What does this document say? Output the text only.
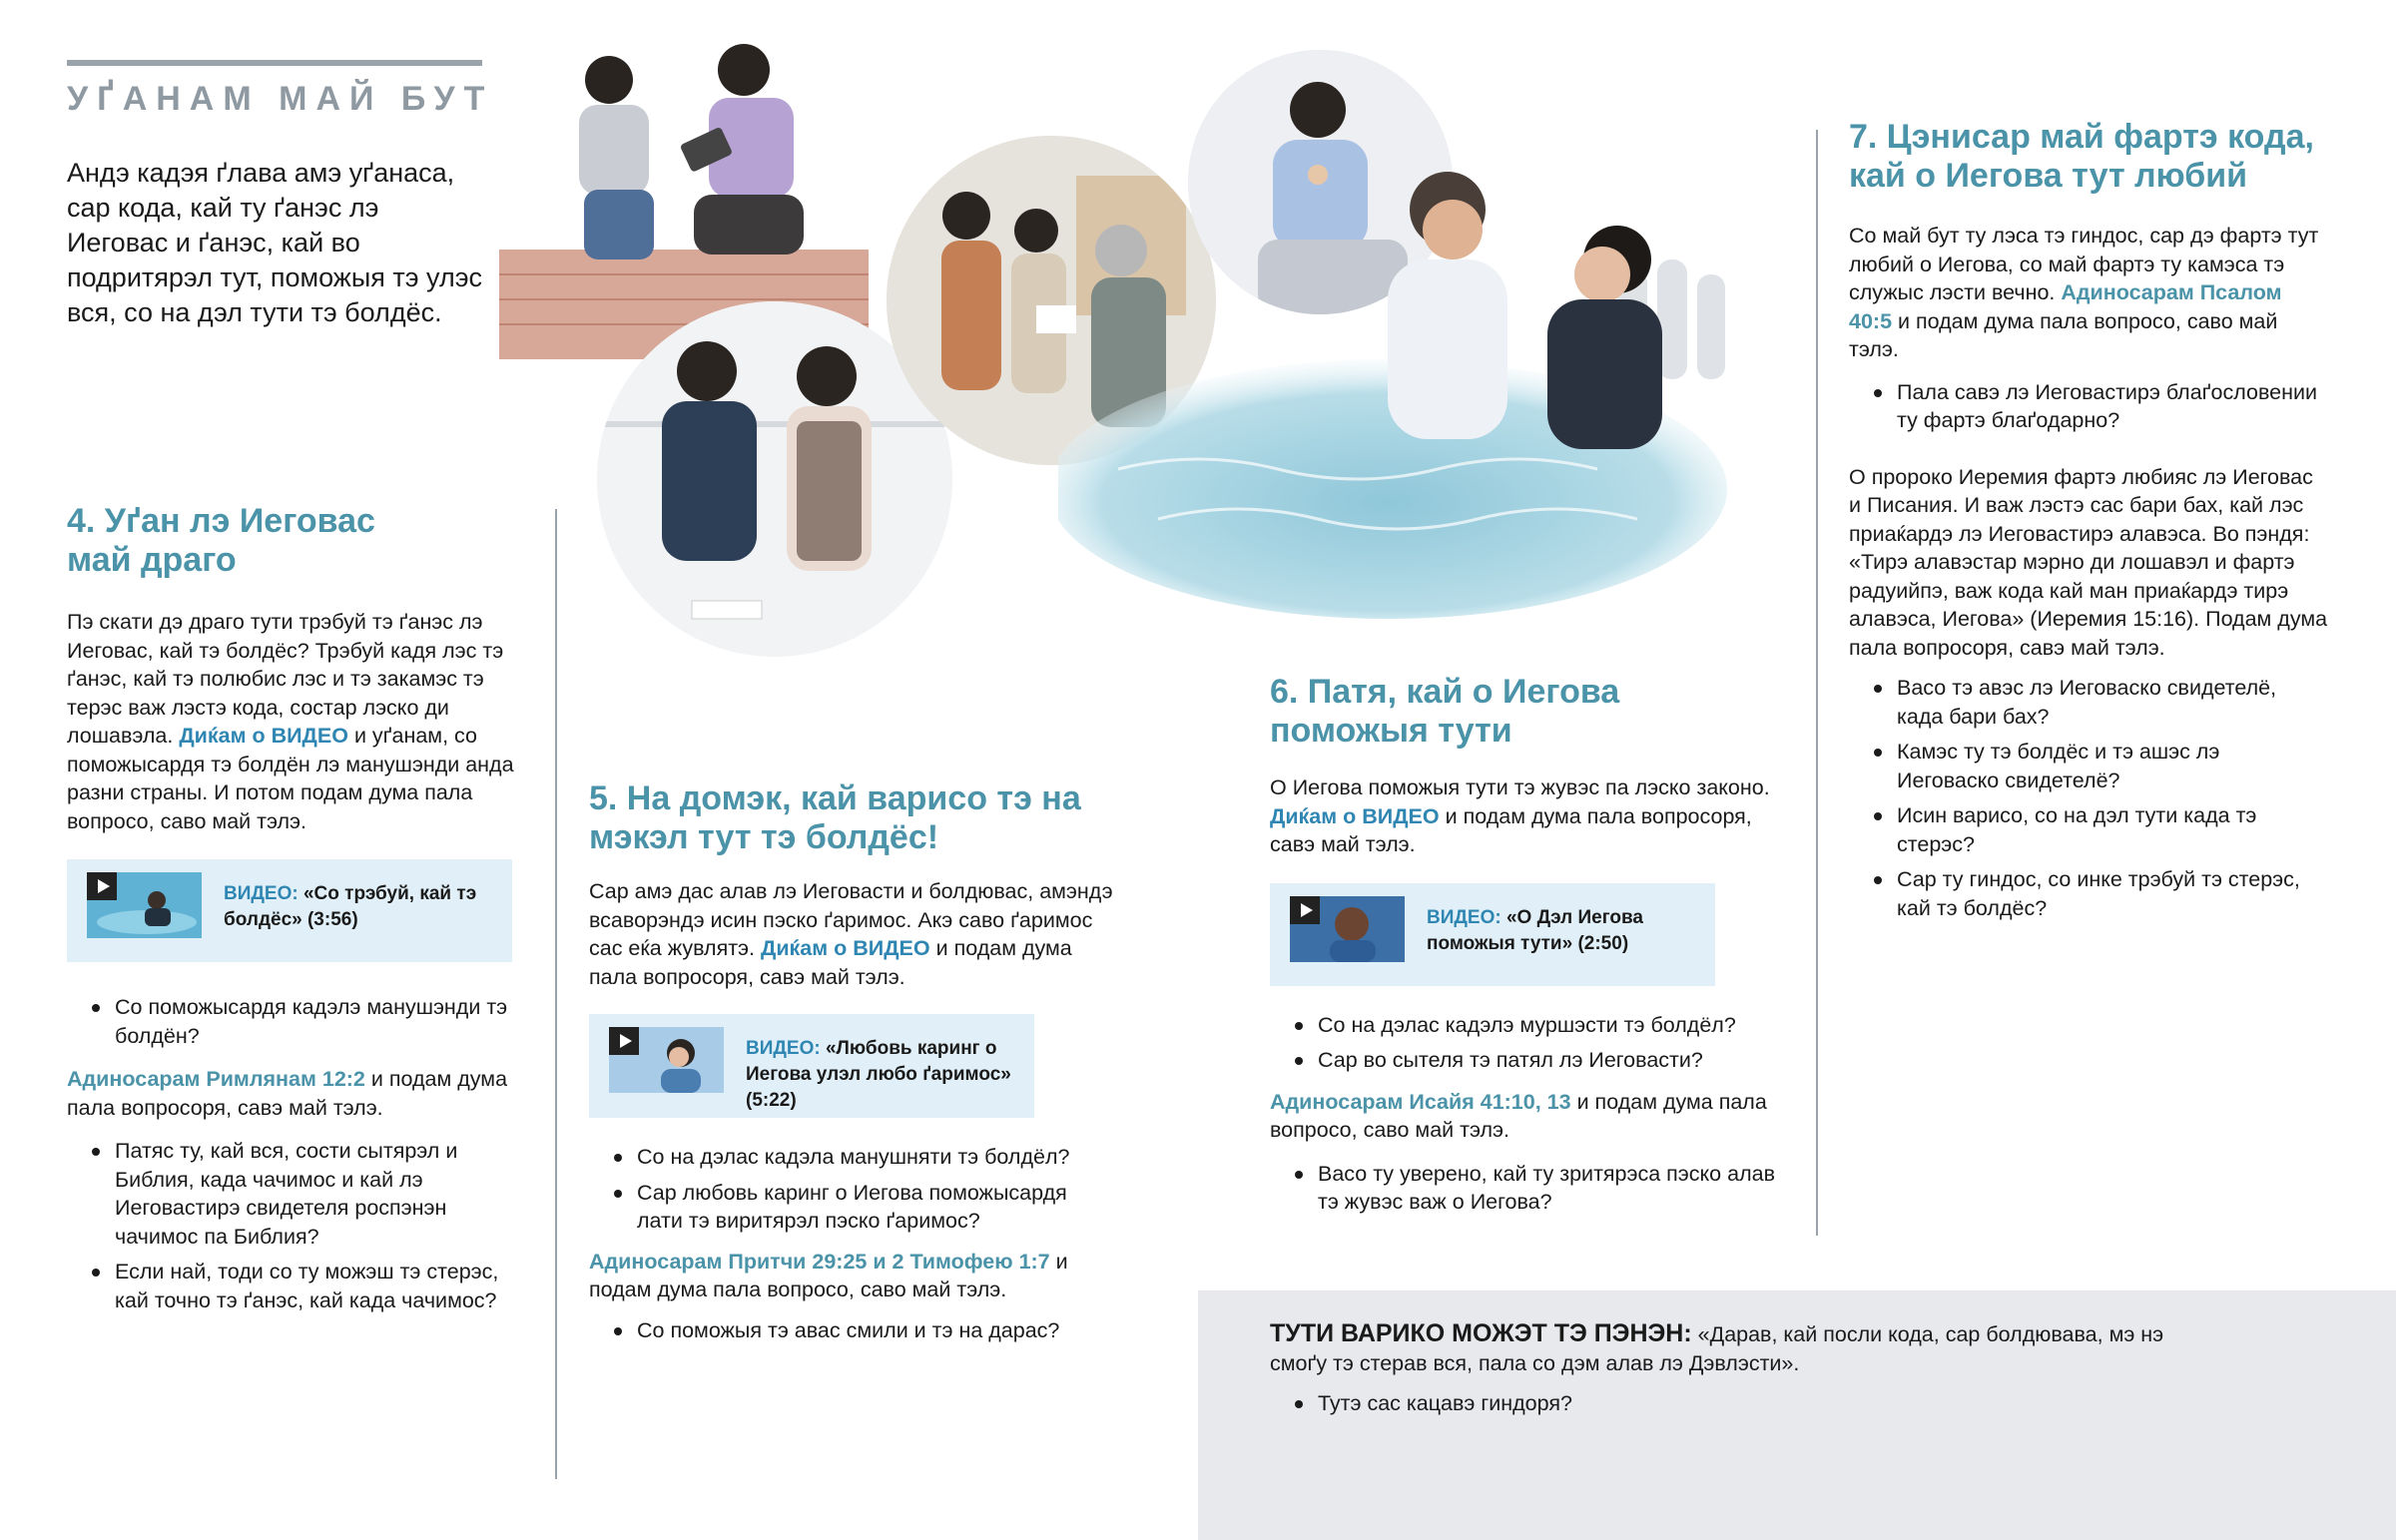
УҐАНАМ МАЙ БУТ

Андэ кадэя ґлава амэ уґанаса, сар кода, кай ту ґанэс лэ Иеговас и ґанэс, кай во подритярэл тут, поможыя тэ улэс вся, со на дэл тути тэ болдёс.

4. Уґан лэ Иеговас май драго

Пэ скати дэ драго тути трэбуй тэ ґанэс лэ Иеговас, кай тэ болдёс? Трэбуй кадя лэс тэ ґанэс, кай тэ полюбис лэс и тэ закамэс тэ терэс важ лэстэ кода, состар лэско ди лошавэла. Диќам о ВИДЕО и уґанам, со поможысардя тэ болдён лэ манушэнди анда разни страны. И потом подам дума пала вопросо, саво май тэлэ.

ВИДЕО: «Со трэбуй, кай тэ болдёс» (3:56)
Со поможысардя кадэлэ манушэнди тэ болдён?

Адиносарам Римлянам 12:2 и подам дума пала вопросоря, савэ май тэлэ.

Патяс ту, кай вся, сости сытярэл и Библия, када чачимос и кай лэ Иеговастирэ свидетеля роспэнэн чачимос па Библия?
Если най, тоди со ту можэш тэ стерэс, кай точно тэ ґанэс, кай када чачимос?
5. На домэк, кай варисо тэ на мэкэл тут тэ болдёс!

Сар амэ дас алав лэ Иеговасти и болдювас, амэндэ всаворэндэ исин пэско ґаримос. Акэ саво ґаримос сас еќа жувлятэ. Диќам о ВИДЕО и подам дума пала вопросоря, савэ май тэлэ.

ВИДЕО: «Любовь каринг о Иегова улэл любо ґаримос» (5:22)
Со на дэлас кадэла манушняти тэ болдёл?
Сар любовь каринг о Иегова поможысардя лати тэ виритярэл пэско ґаримос?

Адиносарам Притчи 29:25 и 2 Тимофею 1:7 и подам дума пала вопросо, саво май тэлэ.

Со поможыя тэ авас смили и тэ на дарас?
6. Патя, кай о Иегова поможыя тути

О Иегова поможыя тути тэ жувэс па лэско законо. Диќам о ВИДЕО и подам дума пала вопросоря, савэ май тэлэ.

ВИДЕО: «О Дэл Иегова поможыя тути» (2:50)
Со на дэлас кадэлэ муршэсти тэ болдёл?
Сар во сытеля тэ патял лэ Иеговасти?

Адиносарам Исайя 41:10, 13 и подам дума пала вопросо, саво май тэлэ.

Васо ту уверено, кай ту зритярэса пэско алав тэ жувэс важ о Иегова?
7. Цэнисар май фартэ кода, кай о Иегова тут любий

Со май бут ту лэса тэ гиндос, сар дэ фартэ тут любий о Иегова, со май фартэ ту камэса тэ служыс лэсти вечно. Адиносарам Псалом 40:5 и подам дума пала вопросо, саво май тэлэ.

Пала савэ лэ Иеговастирэ блаґословении ту фартэ блаґодарно?

О пророко Иеремия фартэ любияс лэ Иеговас и Писания. И важ лэстэ сас бари бах, кай лэс приаќардэ лэ Иеговастирэ алавэса. Во пэндя: «Тирэ алавэстар мэрно ди лошавэл и фартэ радуийпэ, важ кода кай ман приаќардэ тирэ алавэса, Иегова» (Иеремия 15:16). Подам дума пала вопросоря, савэ май тэлэ.

Васо тэ авэс лэ Иеговаско свидетелё, када бари бах?
Камэс ту тэ болдёс и тэ ашэс лэ Иеговаско свидетелё?
Исин варисо, со на дэл тути када тэ стерэс?
Сар ту гиндос, со инке трэбуй тэ стерэс, кай тэ болдёс?

ТУТИ ВАРИКО МОЖЭТ ТЭ ПЭНЭН: «Дарав, кай посли кода, сар болдювава, мэ нэ смоґу тэ стерав вся, пала со дэм алав лэ Дэвлэсти».

Тутэ сас кацавэ гиндоря?
